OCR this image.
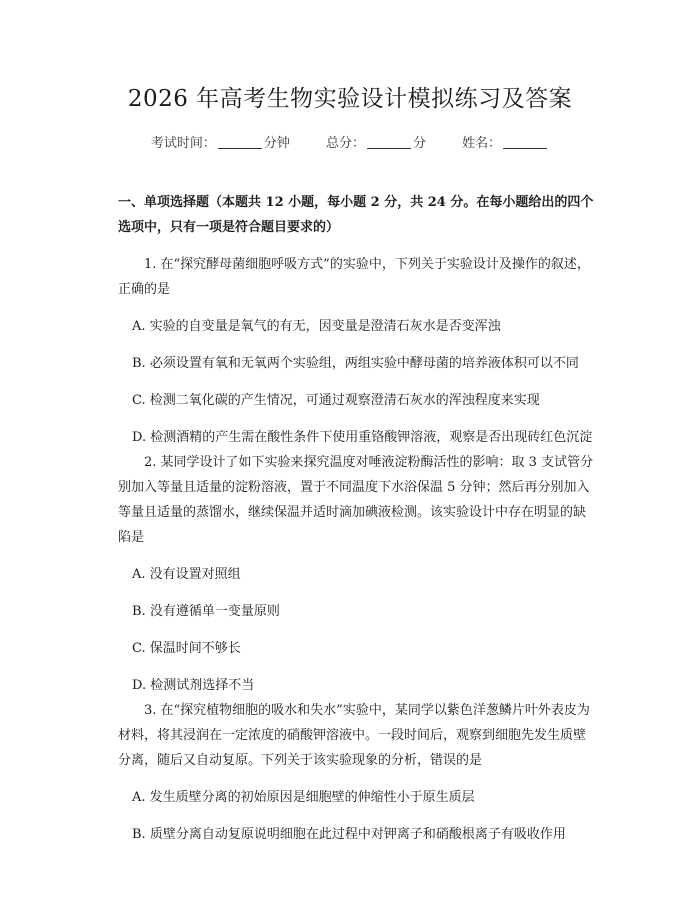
2026 年高考生物实验设计模拟练习及答案
考试时间：	分钟	总分：	分	姓名：
一、单项选择题（本题共 12 小题，每小题 2 分，共 24 分。在每小题给出的四个选项中，只有一项是符合题目要求的）

1. 在“探究酵母菌细胞呼吸方式”的实验中，下列关于实验设计及操作的叙述，正确的是

A. 实验的自变量是氧气的有无，因变量是澄清石灰水是否变浑浊

B. 必须设置有氧和无氧两个实验组，两组实验中酵母菌的培养液体积可以不同

C. 检测二氧化碳的产生情况，可通过观察澄清石灰水的浑浊程度来实现

D. 检测酒精的产生需在酸性条件下使用重铬酸钾溶液，观察是否出现砖红色沉淀

2. 某同学设计了如下实验来探究温度对唾液淀粉酶活性的影响：取 3 支试管分别加入等量且适量的淀粉溶液，置于不同温度下水浴保温 5 分钟；然后再分别加入等量且适量的蒸馏水，继续保温并适时滴加碘液检测。该实验设计中存在明显的缺陷是

A. 没有设置对照组

B. 没有遵循单一变量原则

C. 保温时间不够长

D. 检测试剂选择不当

3. 在“探究植物细胞的吸水和失水”实验中，某同学以紫色洋葱鳞片叶外表皮为材料，将其浸润在一定浓度的硝酸钾溶液中。一段时间后，观察到细胞先发生质壁分离，随后又自动复原。下列关于该实验现象的分析，错误的是

A. 发生质壁分离的初始原因是细胞壁的伸缩性小于原生质层

B. 质壁分离自动复原说明细胞在此过程中对钾离子和硝酸根离子有吸收作用
